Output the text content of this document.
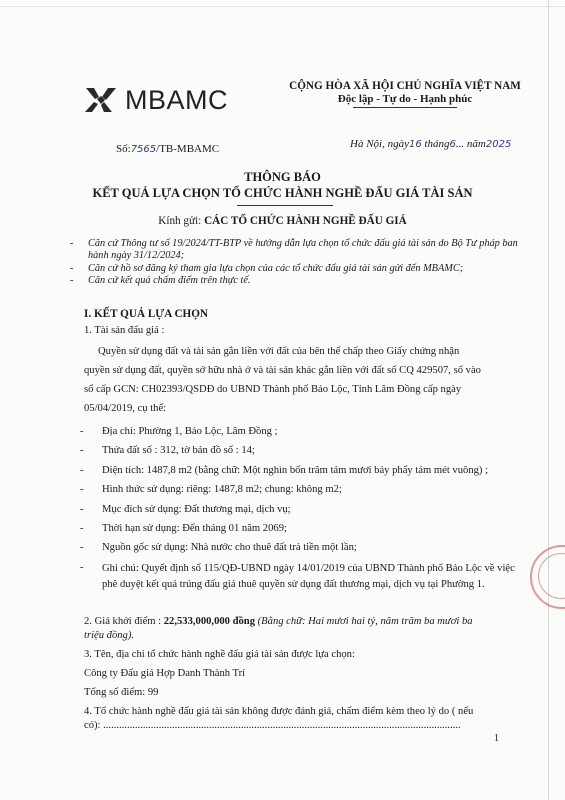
MBAMC	CỘNG HÒA XÃ HỘI CHỦ NGHĨA VIỆT NAM
Độc lập - Tự do - Hạnh phúc
Số:7565/TB-MBAMC	Hà Nội, ngày16 tháng6... năm2025
THÔNG BÁO
KẾT QUẢ LỰA CHỌN TỔ CHỨC HÀNH NGHỀ ĐẤU GIÁ TÀI SẢN
Kính gửi: CÁC TỔ CHỨC HÀNH NGHỀ ĐẤU GIÁ
-	Căn cứ Thông tư số 19/2024/TT-BTP về hướng dẫn lựa chọn tổ chức đấu giá tài sản do Bộ Tư pháp ban hành ngày 31/12/2024;
-	Căn cứ hồ sơ đăng ký tham gia lựa chọn của các tổ chức đấu giá tài sản gửi đến MBAMC;
-	Căn cứ kết quả chấm điểm trên thực tế.
I. KẾT QUẢ LỰA CHỌN
1. Tài sản đấu giá :
Quyền sử dụng đất và tài sản gắn liền với đất của bên thế chấp theo Giấy chứng nhận
quyền sử dụng đất, quyền sở hữu nhà ở và tài sản khác gắn liền với đất số CQ 429507, số vào
sổ cấp GCN: CH02393/QSDĐ do UBND Thành phố Bảo Lộc, Tỉnh Lâm Đồng cấp ngày
05/04/2019, cụ thể:
-	Địa chỉ: Phường 1, Bảo Lộc, Lâm Đồng ;
-	Thửa đất số : 312, tờ bản đồ số : 14;
-	Diện tích: 1487,8 m2 (bằng chữ: Một nghìn bốn trăm tám mươi bảy phẩy tám mét vuông) ;
-	Hình thức sử dụng: riêng: 1487,8 m2; chung: không m2;
-	Mục đích sử dụng: Đất thương mại, dịch vụ;
-	Thời hạn sử dụng: Đến tháng 01 năm 2069;
-	Nguồn gốc sử dụng: Nhà nước cho thuê đất trả tiền một lần;
-	Ghi chú: Quyết định số 115/QĐ-UBND ngày 14/01/2019 của UBND Thành phố Bảo Lộc về việc phê duyệt kết quả trúng đấu giá thuê quyền sử dụng đất thương mại, dịch vụ tại Phường 1.
2. Giá khởi điểm : 22,533,000,000 đồng (Bằng chữ: Hai mươi hai tỷ, năm trăm ba mươi ba
triệu đồng).
3. Tên, địa chỉ tổ chức hành nghề đấu giá tài sản được lựa chọn:
Công ty Đấu giá Hợp Danh Thành Trí
Tổng số điểm: 99
4. Tổ chức hành nghề đấu giá tài sản không được đánh giá, chấm điểm kèm theo lý do ( nếu
có): .......................................................................................................................................
1
